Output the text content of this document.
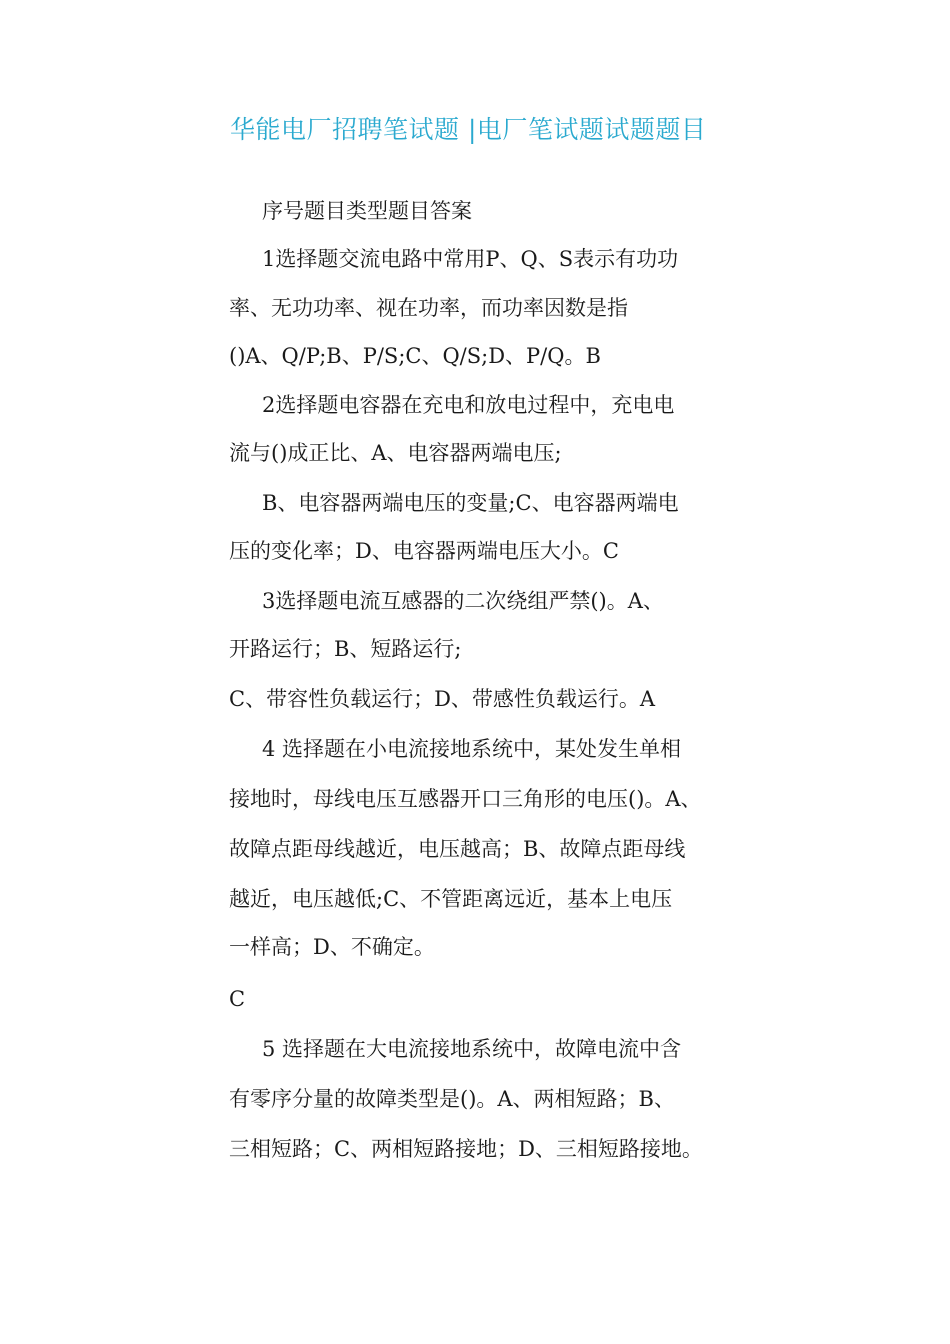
华能电厂招聘笔试题 |电厂笔试题试题题目
序号题目类型题目答案
1选择题交流电路中常用P、Q、S表示有功功
率、无功功率、视在功率，而功率因数是指
()A、Q/P;B、P/S;C、Q/S;D、P/Q。B
2选择题电容器在充电和放电过程中，充电电
流与()成正比、A、电容器两端电压;
B、电容器两端电压的变量;C、电容器两端电
压的变化率；D、电容器两端电压大小。C
3选择题电流互感器的二次绕组严禁()。A、
开路运行；B、短路运行;
C、带容性负载运行；D、带感性负载运行。A
4 选择题在小电流接地系统中，某处发生单相
接地时，母线电压互感器开口三角形的电压()。A、
故障点距母线越近，电压越高；B、故障点距母线
越近，电压越低;C、不管距离远近，基本上电压
一样高；D、不确定。
C
5 选择题在大电流接地系统中，故障电流中含
有零序分量的故障类型是()。A、两相短路；B、
三相短路；C、两相短路接地；D、三相短路接地。
